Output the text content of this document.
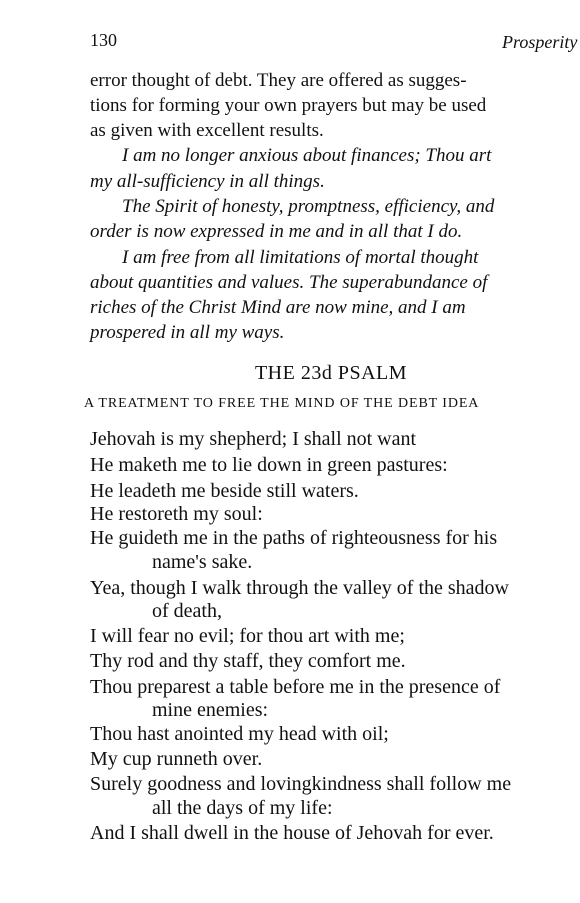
130	Prosperity
error thought of debt. They are offered as sugges-
tions for forming your own prayers but may be used
as given with excellent results.
I am no longer anxious about finances; Thou art
my all-sufficiency in all things.
The Spirit of honesty, promptness, efficiency, and
order is now expressed in me and in all that I do.
I am free from all limitations of mortal thought
about quantities and values. The superabundance of
riches of the Christ Mind are now mine, and I am
prospered in all my ways.
THE 23d PSALM
A TREATMENT TO FREE THE MIND OF THE DEBT IDEA
Jehovah is my shepherd; I shall not want
He maketh me to lie down in green pastures:
He leadeth me beside still waters.
He restoreth my soul:
He guideth me in the paths of righteousness for his
name's sake.
Yea, though I walk through the valley of the shadow
of death,
I will fear no evil; for thou art with me;
Thy rod and thy staff, they comfort me.
Thou preparest a table before me in the presence of
mine enemies:
Thou hast anointed my head with oil;
My cup runneth over.
Surely goodness and lovingkindness shall follow me
all the days of my life:
And I shall dwell in the house of Jehovah for ever.
